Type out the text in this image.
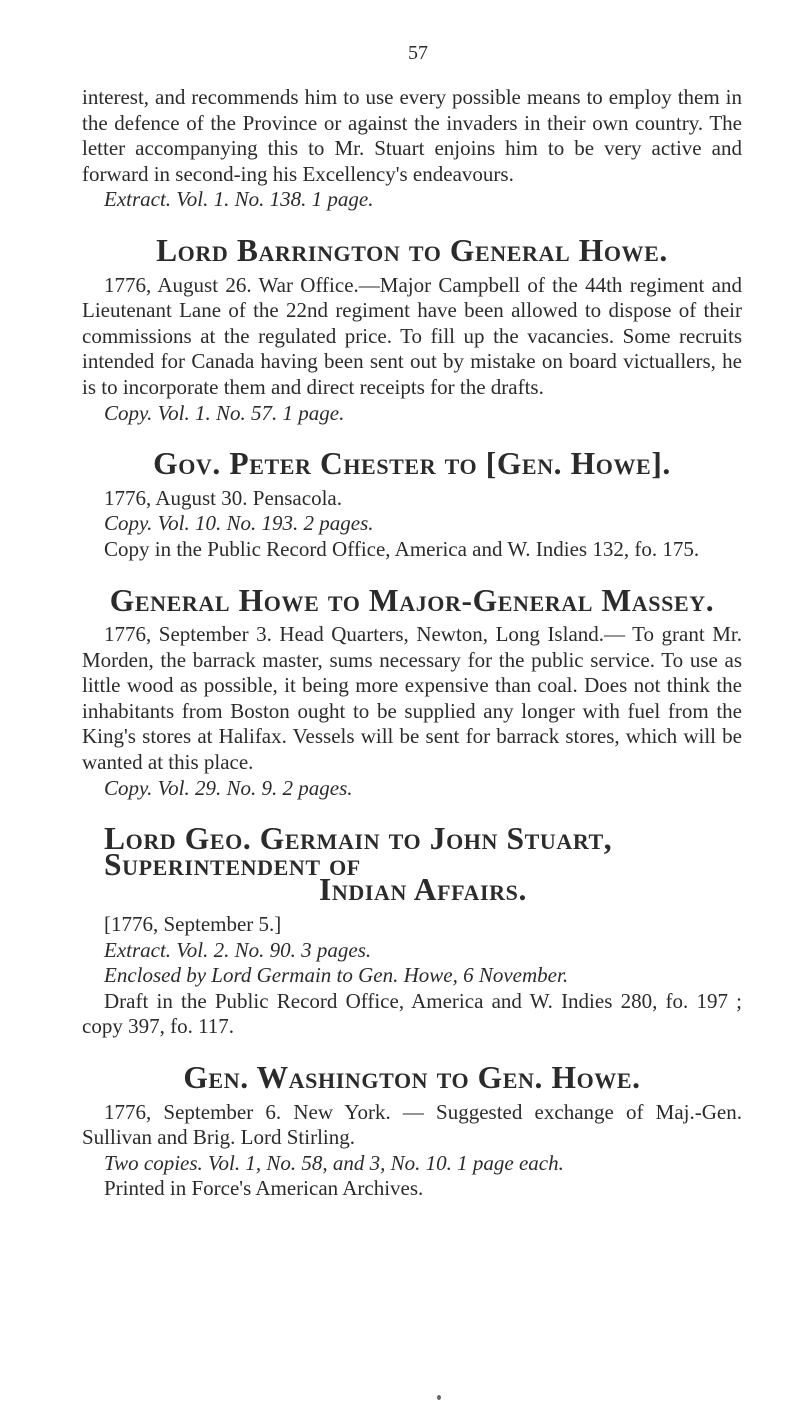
57

interest, and recommends him to use every possible means to employ them in the defence of the Province or against the invaders in their own country. The letter accompanying this to Mr. Stuart enjoins him to be very active and forward in second-ing his Excellency's endeavours.

Extract. Vol. 1. No. 138. 1 page.

Lord Barrington to General Howe.

1776, August 26. War Office.—Major Campbell of the 44th regiment and Lieutenant Lane of the 22nd regiment have been allowed to dispose of their commissions at the regulated price. To fill up the vacancies. Some recruits intended for Canada having been sent out by mistake on board victuallers, he is to incorporate them and direct receipts for the drafts.

Copy. Vol. 1. No. 57. 1 page.

Gov. Peter Chester to [Gen. Howe].

1776, August 30. Pensacola.

Copy. Vol. 10. No. 193. 2 pages.

Copy in the Public Record Office, America and W. Indies 132, fo. 175.

General Howe to Major-General Massey.

1776, September 3. Head Quarters, Newton, Long Island.— To grant Mr. Morden, the barrack master, sums necessary for the public service. To use as little wood as possible, it being more expensive than coal. Does not think the inhabitants from Boston ought to be supplied any longer with fuel from the King's stores at Halifax. Vessels will be sent for barrack stores, which will be wanted at this place.

Copy. Vol. 29. No. 9. 2 pages.

Lord Geo. Germain to John Stuart, Superintendent of
Indian Affairs.

[1776, September 5.]

Extract. Vol. 2. No. 90. 3 pages.

Enclosed by Lord Germain to Gen. Howe, 6 November.

Draft in the Public Record Office, America and W. Indies 280, fo. 197 ; copy 397, fo. 117.

Gen. Washington to Gen. Howe.

1776, September 6. New York. — Suggested exchange of Maj.-Gen. Sullivan and Brig. Lord Stirling.

Two copies. Vol. 1, No. 58, and 3, No. 10. 1 page each.

Printed in Force's American Archives.
